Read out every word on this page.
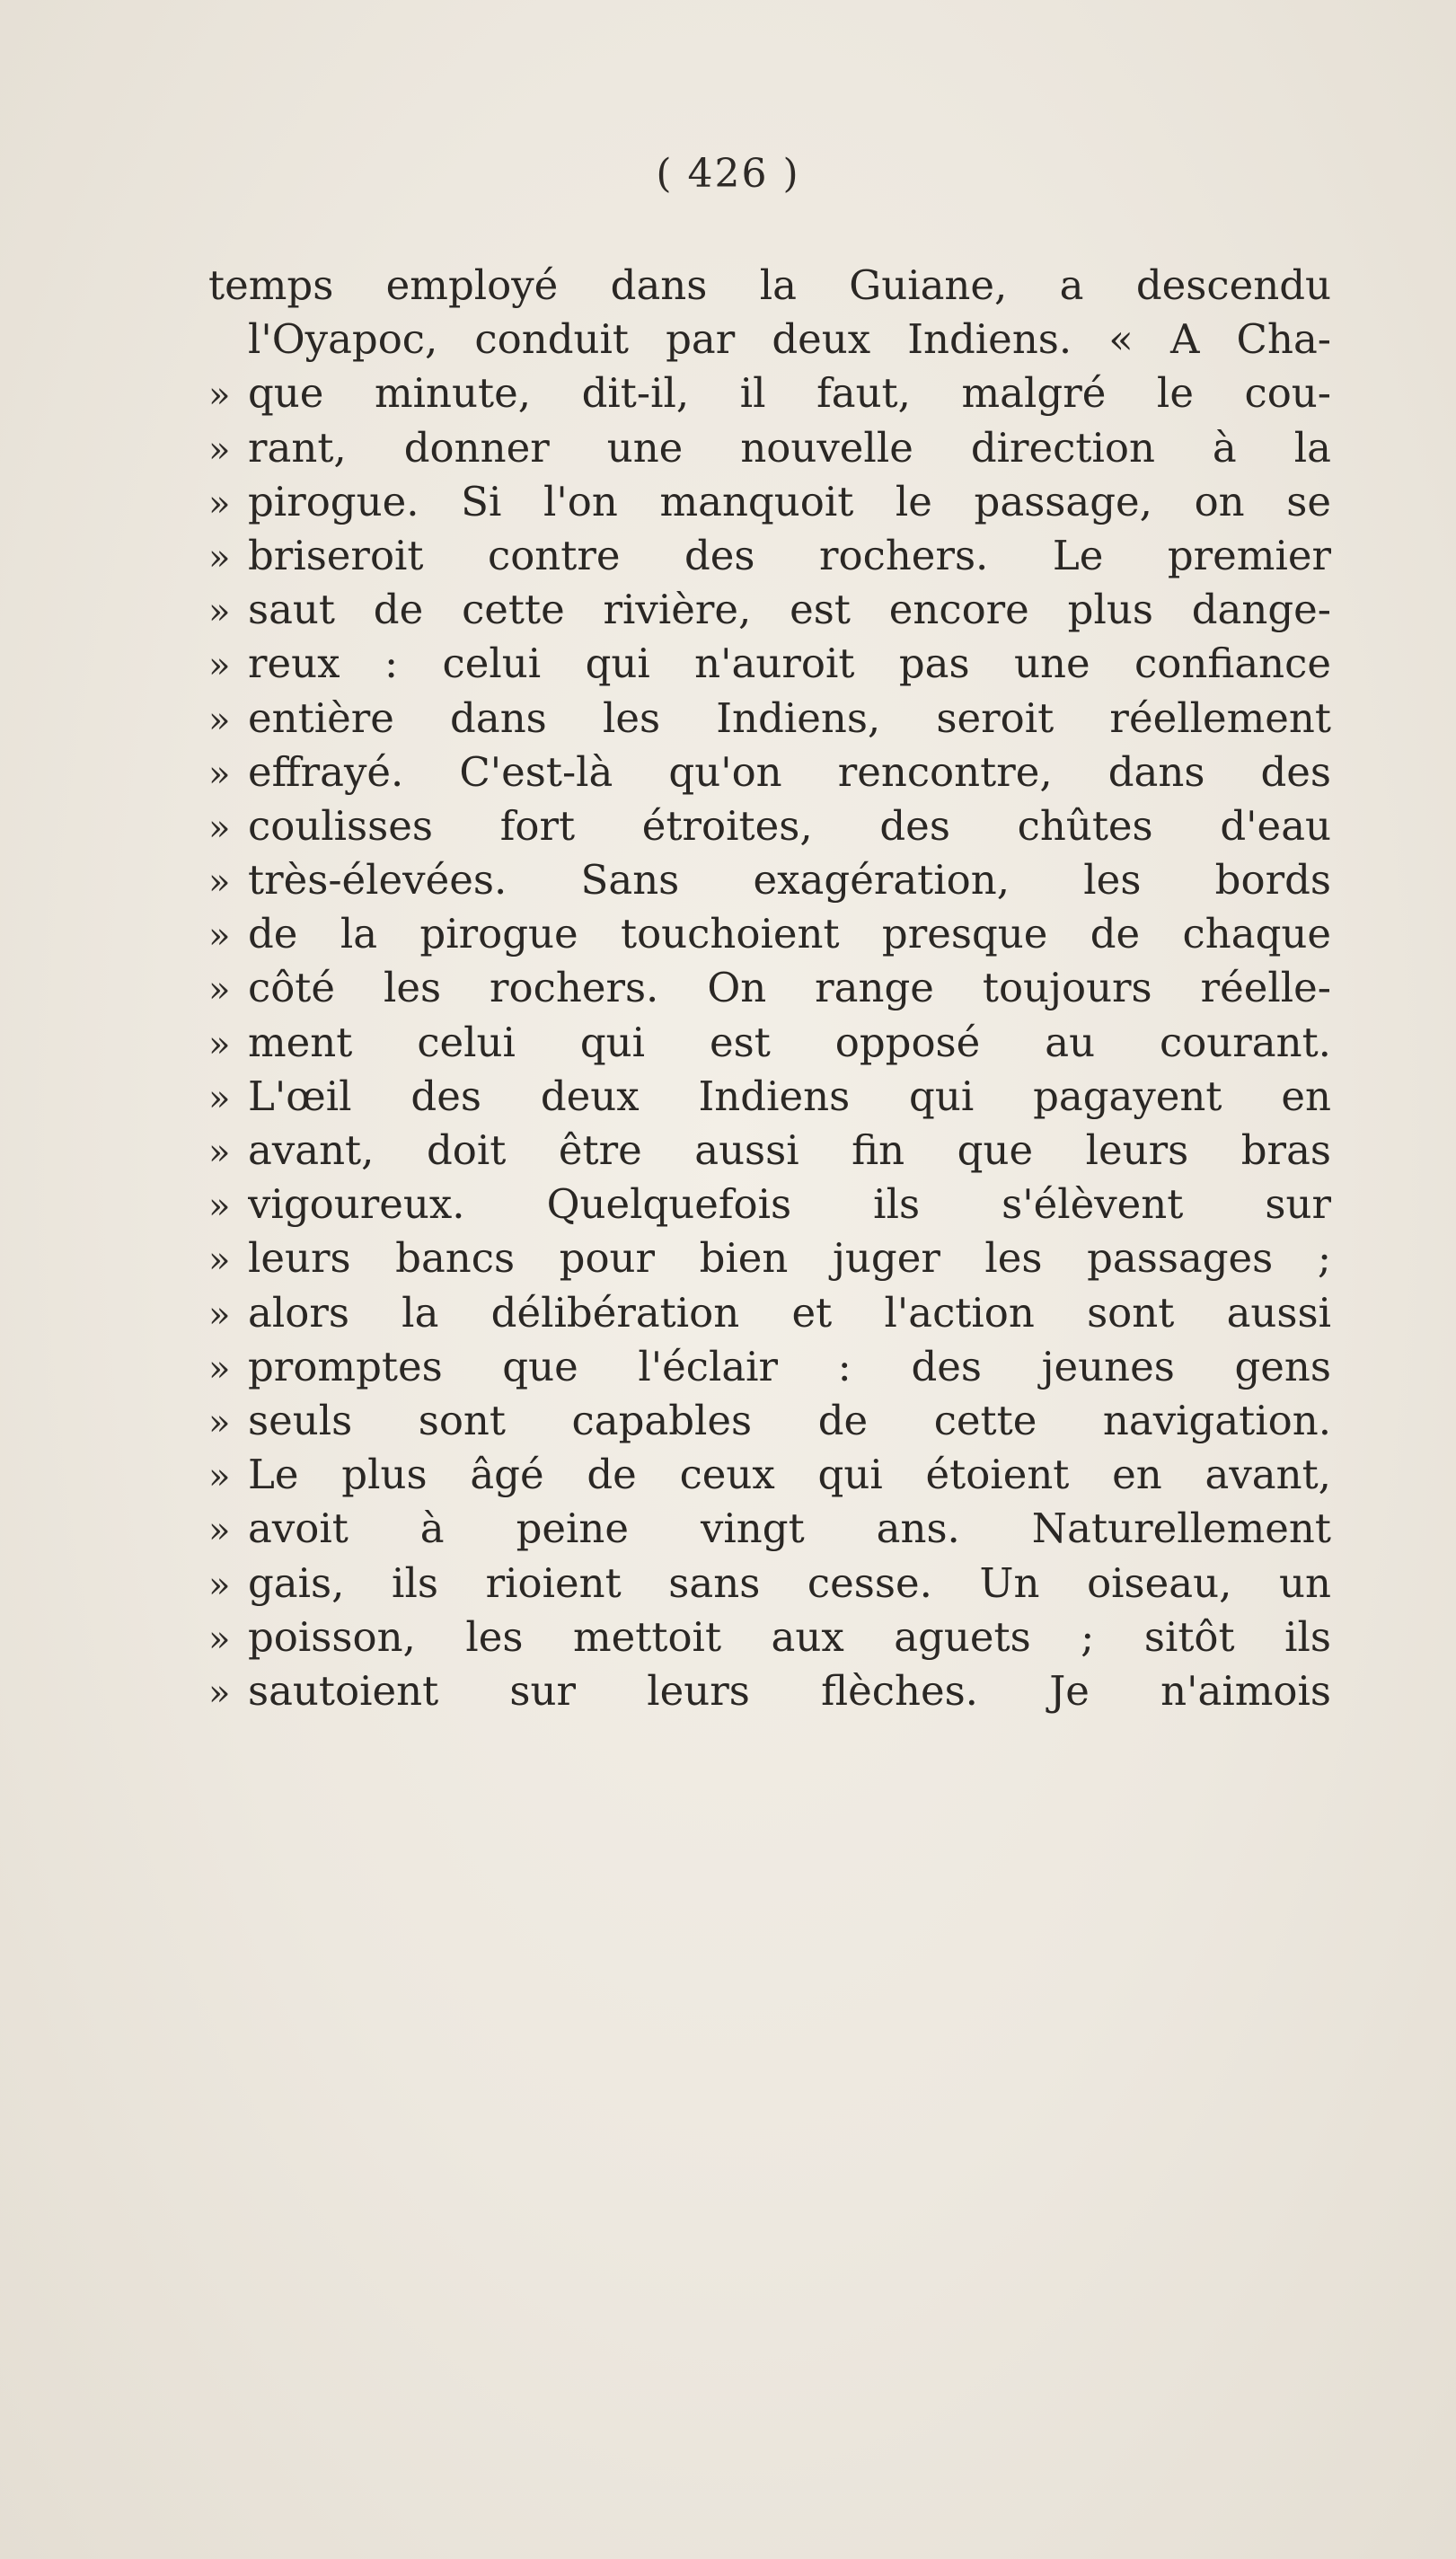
( 426 )
temps employé dans la Guiane, a descendu
l'Oyapoc, conduit par deux Indiens. « A Cha-
» que minute, dit-il, il faut, malgré le cou-
» rant, donner une nouvelle direction à la
» pirogue. Si l'on manquoit le passage, on se
» briseroit contre des rochers. Le premier
» saut de cette rivière, est encore plus dange-
» reux : celui qui n'auroit pas une confiance
» entière dans les Indiens, seroit réellement
» effrayé. C'est-là qu'on rencontre, dans des
» coulisses fort étroites, des chûtes d'eau
» très-élevées. Sans exagération, les bords
» de la pirogue touchoient presque de chaque
» côté les rochers. On range toujours réelle-
» ment celui qui est opposé au courant.
» L'œil des deux Indiens qui pagayent en
» avant, doit être aussi fin que leurs bras
» vigoureux. Quelquefois ils s'élèvent sur
» leurs bancs pour bien juger les passages ;
» alors la délibération et l'action sont aussi
» promptes que l'éclair : des jeunes gens
» seuls sont capables de cette navigation.
» Le plus âgé de ceux qui étoient en avant,
» avoit à peine vingt ans. Naturellement
» gais, ils rioient sans cesse. Un oiseau, un
» poisson, les mettoit aux aguets ; sitôt ils
» sautoient sur leurs flèches. Je n'aimois
